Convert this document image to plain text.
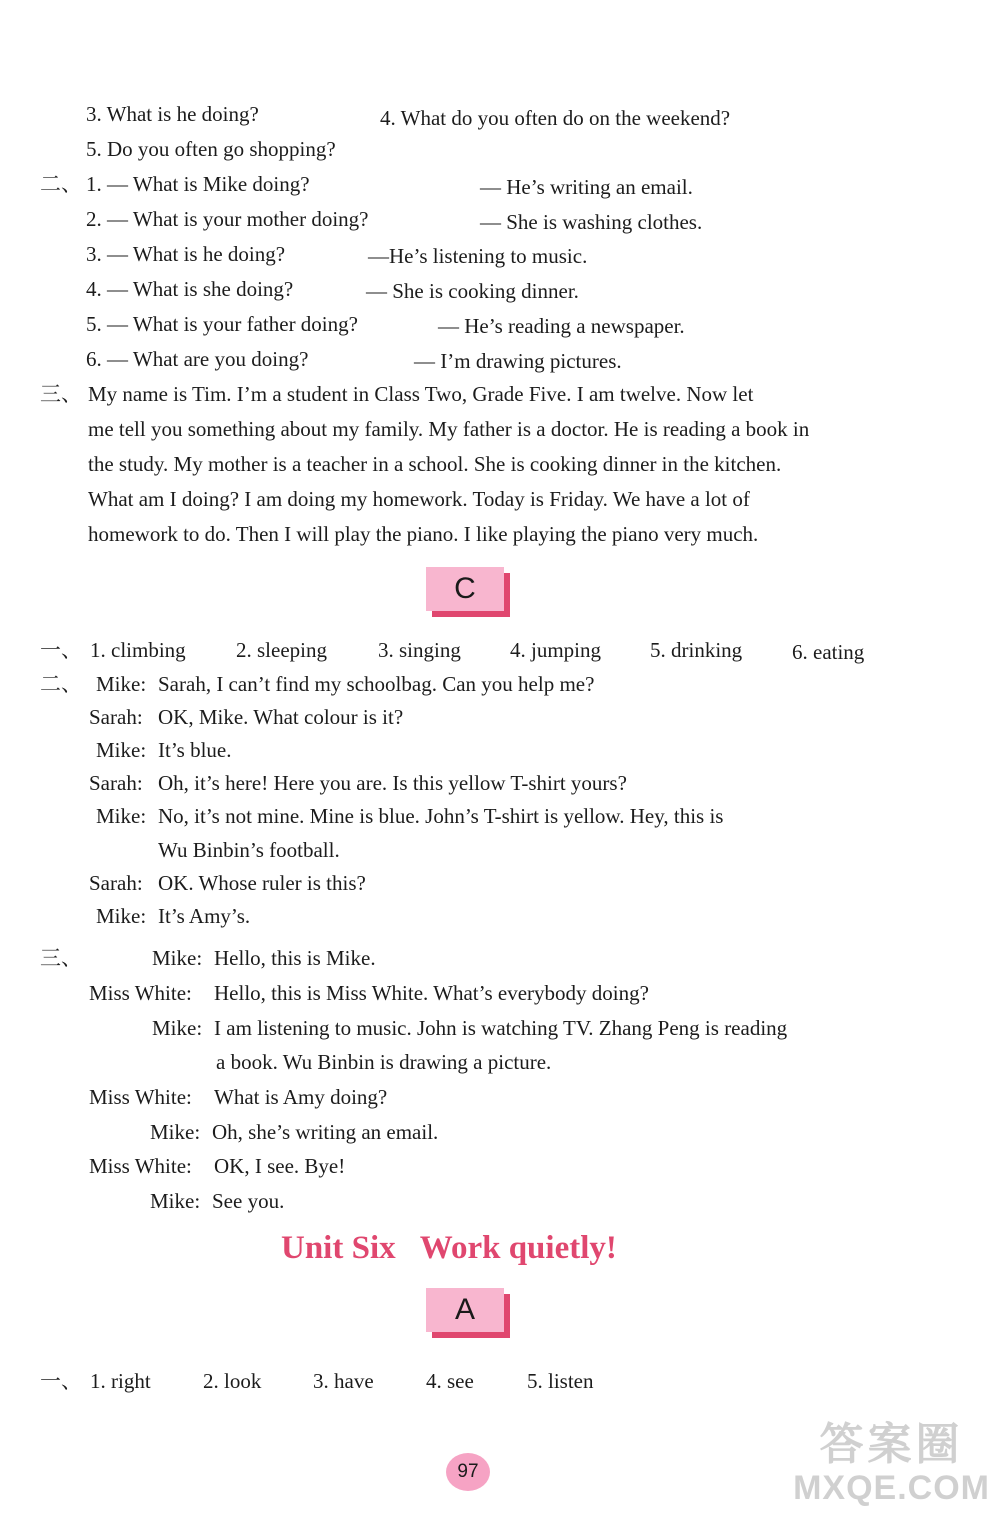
3. What is he doing?	4. What do you often do on the weekend?
5. Do you often go shopping?
二、 1. — What is Mike doing?	— He’s writing an email.
2. — What is your mother doing?	— She is washing clothes.
3. — What is he doing?	—He’s listening to music.
4. — What is she doing?	— She is cooking dinner.
5. — What is your father doing?	— He’s reading a newspaper.
6. — What are you doing?	— I’m drawing pictures.
三、 My name is Tim. I’m a student in Class Two, Grade Five. I am twelve. Now let
me tell you something about my family. My father is a doctor. He is reading a book in
the study. My mother is a teacher in a school. She is cooking dinner in the kitchen.
What am I doing? I am doing my homework. Today is Friday. We have a lot of
homework to do. Then I will play the piano. I like playing the piano very much.
C
一、 1. climbing 2. sleeping 3. singing 4. jumping 5. drinking 6. eating
二、 Mike: Sarah, I can’t find my schoolbag. Can you help me?
Sarah: OK, Mike. What colour is it?
Mike: It’s blue.
Sarah: Oh, it’s here! Here you are. Is this yellow T-shirt yours?
Mike: No, it’s not mine. Mine is blue. John’s T-shirt is yellow. Hey, this is
Wu Binbin’s football.
Sarah: OK. Whose ruler is this?
Mike: It’s Amy’s.
三、	Mike: Hello, this is Mike.
Miss White: Hello, this is Miss White. What’s everybody doing?
Mike: I am listening to music. John is watching TV. Zhang Peng is reading
a book. Wu Binbin is drawing a picture.
Miss White: What is Amy doing?
Mike: Oh, she’s writing an email.
Miss White: OK, I see. Bye!
Mike: See you.
Unit Six   Work quietly!
A
一、 1. right 2. look 3. have 4. see	5. listen
97
答案圈
MXQE.COM
